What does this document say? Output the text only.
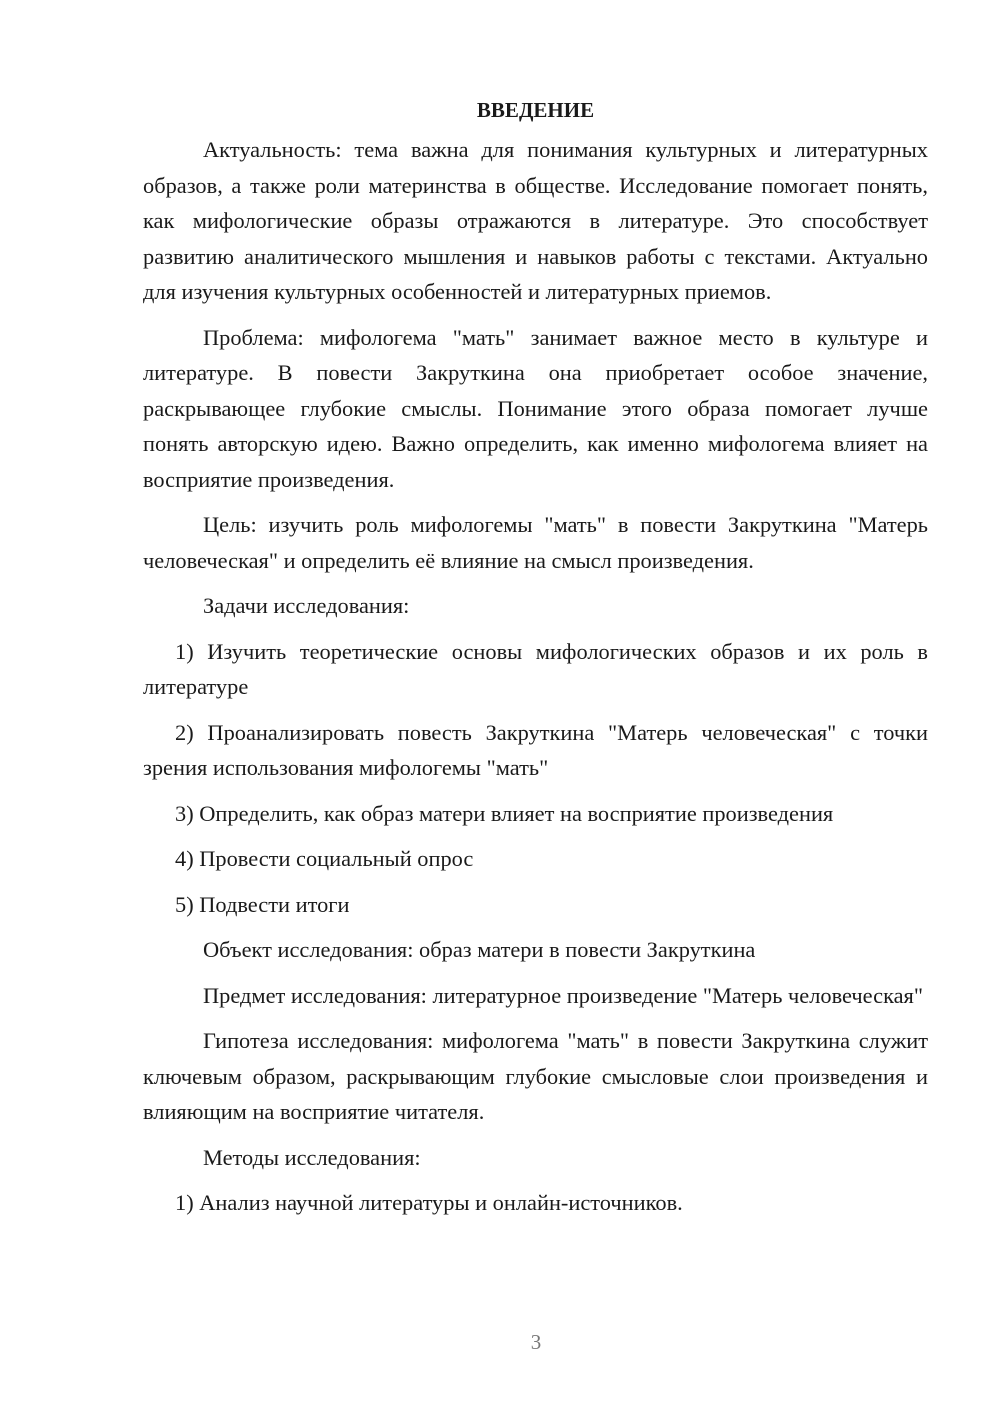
ВВЕДЕНИЕ

Актуальность: тема важна для понимания культурных и литературных образов, а также роли материнства в обществе. Исследование помогает понять, как мифологические образы отражаются в литературе. Это способствует развитию аналитического мышления и навыков работы с текстами. Актуально для изучения культурных особенностей и литературных приемов.

Проблема: мифологема "мать" занимает важное место в культуре и литературе. В повести Закруткина она приобретает особое значение, раскрывающее глубокие смыслы. Понимание этого образа помогает лучше понять авторскую идею. Важно определить, как именно мифологема влияет на восприятие произведения.

Цель: изучить роль мифологемы "мать" в повести Закруткина "Матерь человеческая" и определить её влияние на смысл произведения.

Задачи исследования:

1) Изучить теоретические основы мифологических образов и их роль в литературе

2) Проанализировать повесть Закруткина "Матерь человеческая" с точки зрения использования мифологемы "мать"

3) Определить, как образ матери влияет на восприятие произведения

4) Провести социальный опрос

5) Подвести итоги

Объект исследования: образ матери в повести Закруткина

Предмет исследования: литературное произведение "Матерь человеческая"

Гипотеза исследования: мифологема "мать" в повести Закруткина служит ключевым образом, раскрывающим глубокие смысловые слои произведения и влияющим на восприятие читателя.

Методы исследования:

1) Анализ научной литературы и онлайн-источников.

3
